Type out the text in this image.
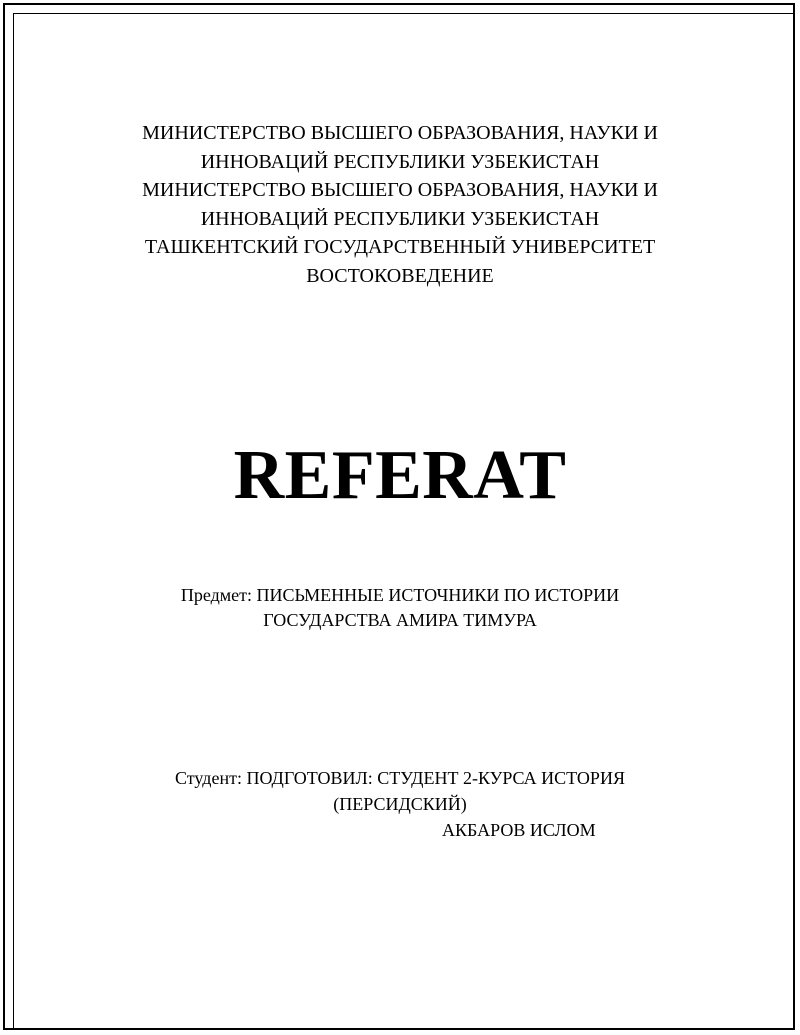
МИНИСТЕРСТВО ВЫСШЕГО ОБРАЗОВАНИЯ, НАУКИ И
ИННОВАЦИЙ РЕСПУБЛИКИ УЗБЕКИСТАН
МИНИСТЕРСТВО ВЫСШЕГО ОБРАЗОВАНИЯ, НАУКИ И
ИННОВАЦИЙ РЕСПУБЛИКИ УЗБЕКИСТАН
ТАШКЕНТСКИЙ ГОСУДАРСТВЕННЫЙ УНИВЕРСИТЕТ
ВОСТОКОВЕДЕНИЕ
REFERAT
Предмет: ПИСЬМЕННЫЕ ИСТОЧНИКИ ПО ИСТОРИИ
ГОСУДАРСТВА АМИРА ТИМУРА
Студент: ПОДГОТОВИЛ: СТУДЕНТ 2-КУРСА ИСТОРИЯ
(ПЕРСИДСКИЙ)
АКБАРОВ ИСЛОМ
